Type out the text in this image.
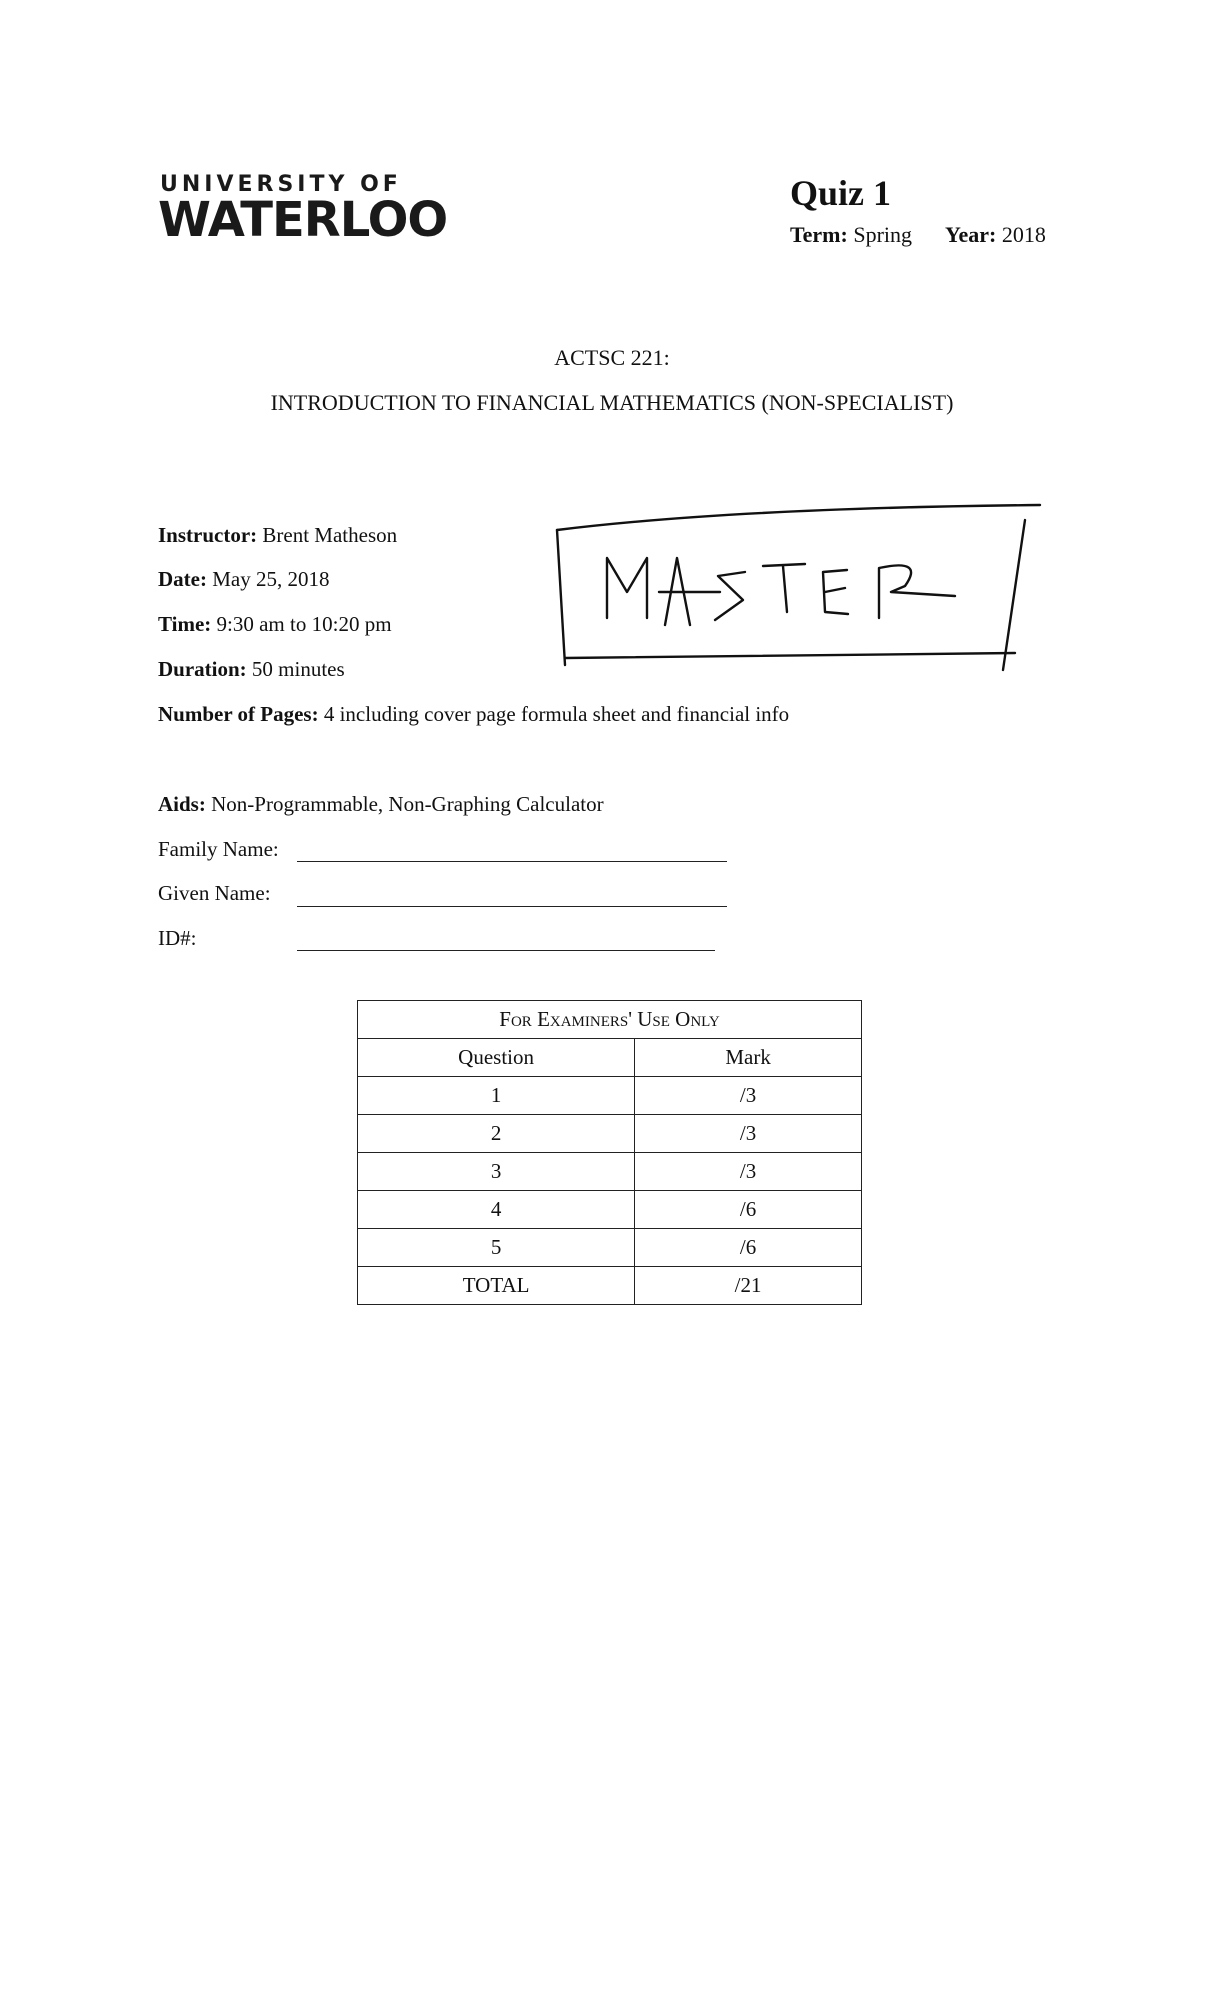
UNIVERSITY OF
WATERLOO	Quiz 1
Term: Spring Year: 2018
ACTSC 221:
INTRODUCTION TO FINANCIAL MATHEMATICS (NON-SPECIALIST)
Instructor: Brent Matheson
Date: May 25, 2018
Time: 9:30 am to 10:20 pm
Duration: 50 minutes
Number of Pages: 4 including cover page formula sheet and financial info
Aids: Non-Programmable, Non-Graphing Calculator
Family Name:
Given Name:
ID#:
For Examiners' Use Only	
Question	Mark
1	/3
2	/3
3	/3
4	/6
5	/6
TOTAL	/21
